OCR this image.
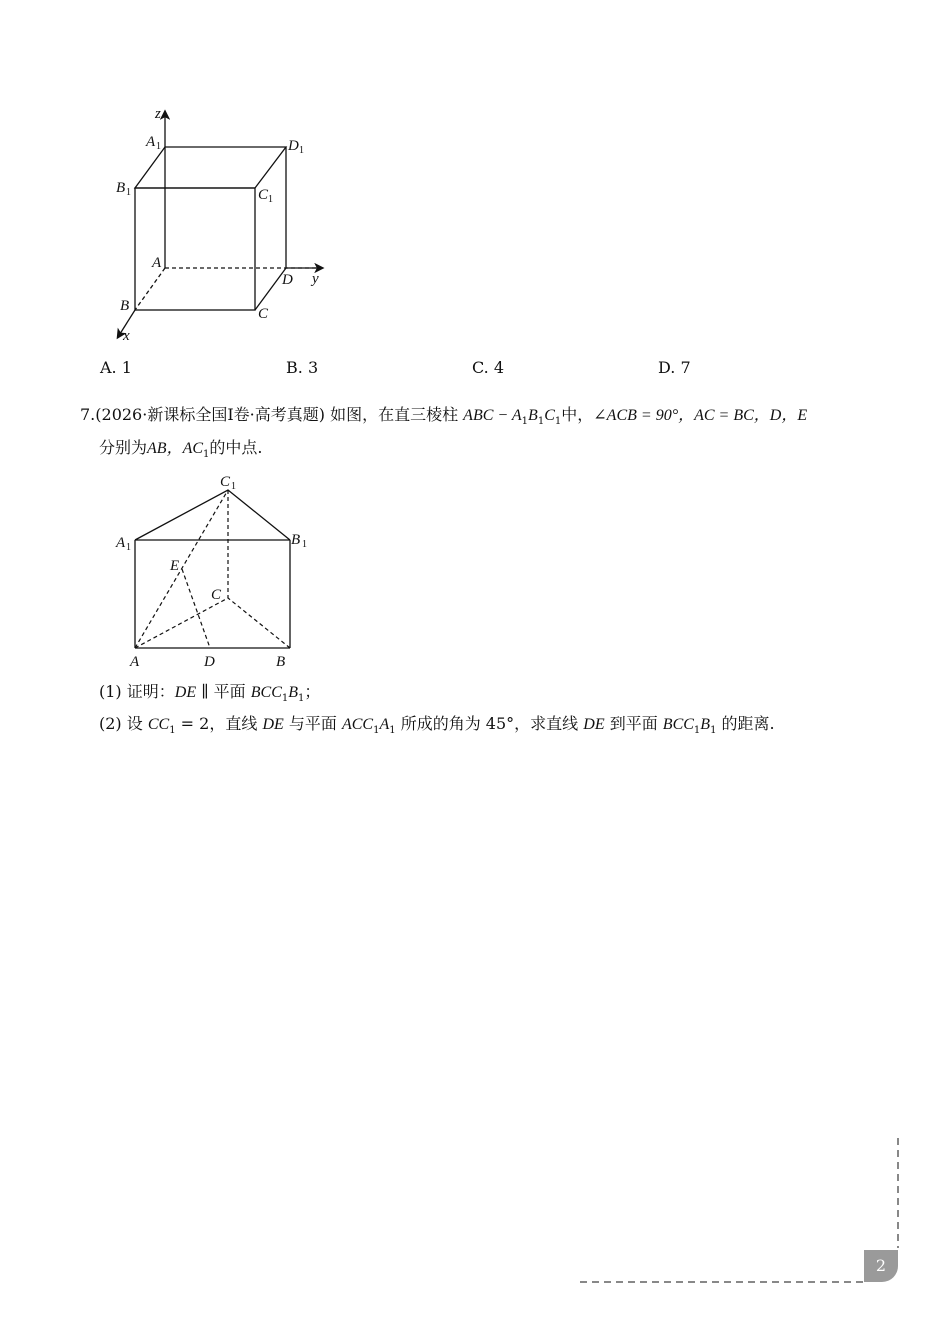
z
y
x
A 1	D 1
B 1	C 1
A
D
B	C
A. 1	B. 3	C. 4	D. 7
7.(2026·新课标全国Ⅰ卷·高考真题) 如图，在直三棱柱 ABC − $A_1B_1C_1$中，∠ACB = 90°，AC = BC，D，E
分别为AB，$AC_1$的中点.
C 1
A 1	B 1
E
C
A	D	B
(1) 证明：DE ∥ 平面 $BCC_1B_1$；
(2) 设 $CC_1 = 2$，直线 DE 与平面 $ACC_1A_1$ 所成的角为 45°，求直线 DE 到平面 $BCC_1B_1$ 的距离.
2
